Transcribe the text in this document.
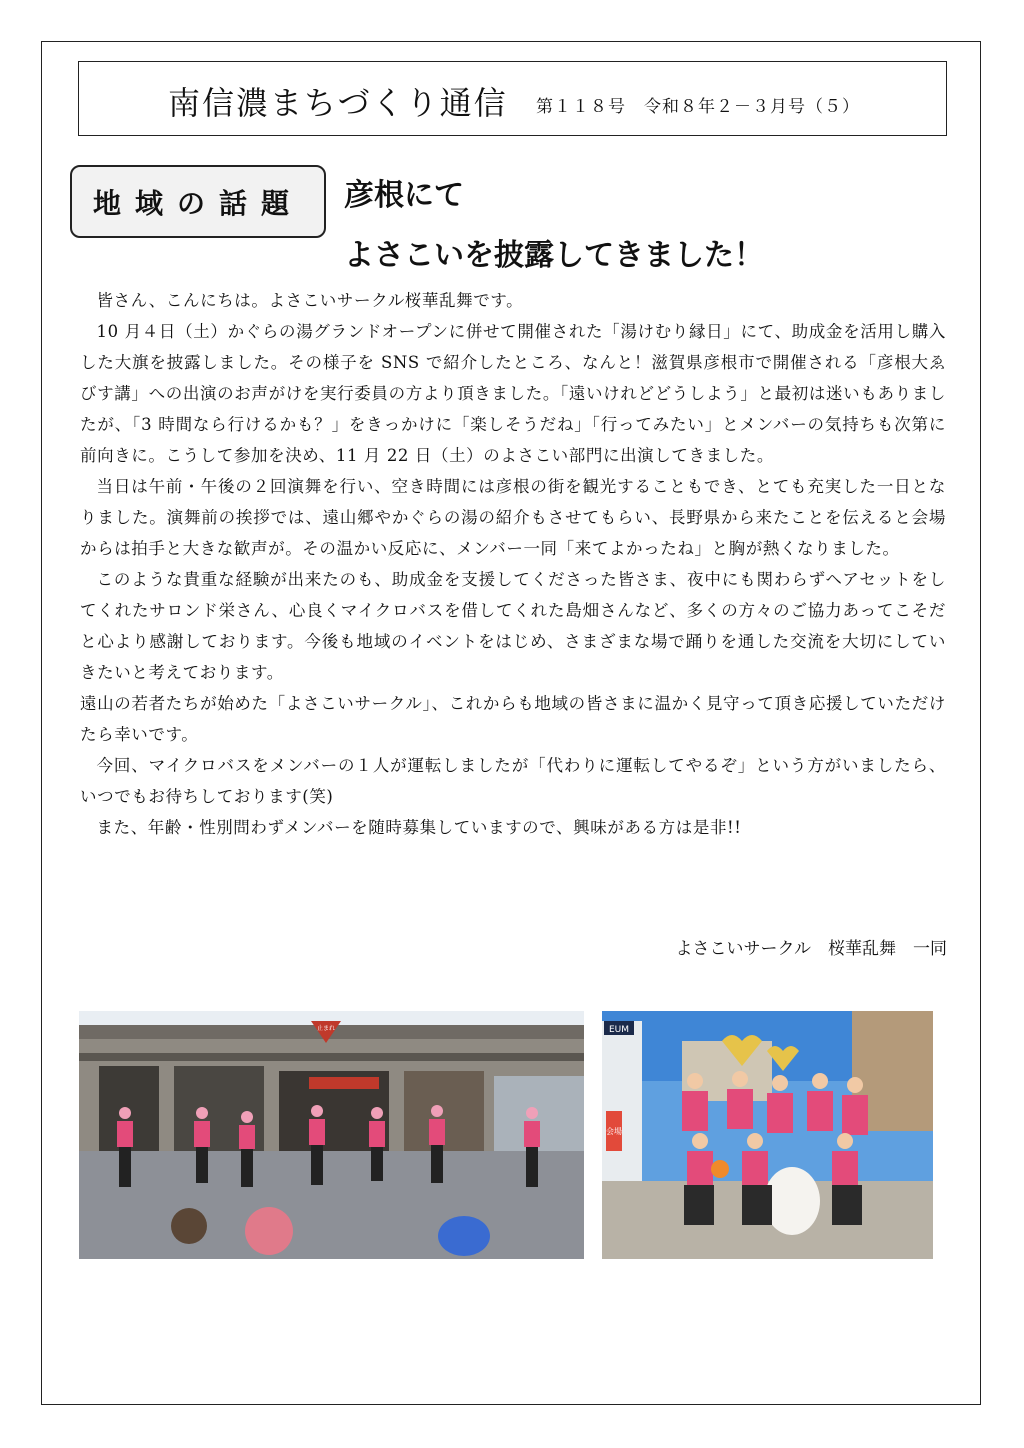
南信濃まちづくり通信 第１１８号　令和８年２－３月号（５）
地域の話題 彦根にて
よさこいを披露してきました！

皆さん、こんにちは。よさこいサークル桜華乱舞です。

10 月４日（土）かぐらの湯グランドオープンに併せて開催された「湯けむり縁日」にて、助成金を活用し購入した大旗を披露しました。その様子を SNS で紹介したところ、なんと！滋賀県彦根市で開催される「彦根大ゑびす講」への出演のお声がけを実行委員の方より頂きました。「遠いけれどどうしよう」と最初は迷いもありましたが、「3 時間なら行けるかも？」をきっかけに「楽しそうだね」「行ってみたい」とメンバーの気持ちも次第に前向きに。こうして参加を決め、11 月 22 日（土）のよさこい部門に出演してきました。

当日は午前・午後の２回演舞を行い、空き時間には彦根の街を観光することもでき、とても充実した一日となりました。演舞前の挨拶では、遠山郷やかぐらの湯の紹介もさせてもらい、長野県から来たことを伝えると会場からは拍手と大きな歓声が。その温かい反応に、メンバー一同「来てよかったね」と胸が熱くなりました。

このような貴重な経験が出来たのも、助成金を支援してくださった皆さま、夜中にも関わらずヘアセットをしてくれたサロンド栄さん、心良くマイクロバスを借してくれた島畑さんなど、多くの方々のご協力あってこそだと心より感謝しております。今後も地域のイベントをはじめ、さまざまな場で踊りを通した交流を大切にしていきたいと考えております。

遠山の若者たちが始めた「よさこいサークル」、これからも地域の皆さまに温かく見守って頂き応援していただけたら幸いです。

今回、マイクロバスをメンバーの１人が運転しましたが「代わりに運転してやるぞ」という方がいましたら、いつでもお待ちしております(笑)

また、年齢・性別問わずメンバーを随時募集していますので、興味がある方は是非!!

よさこいサークル　桜華乱舞　一同
止まれ	EUM
会場
